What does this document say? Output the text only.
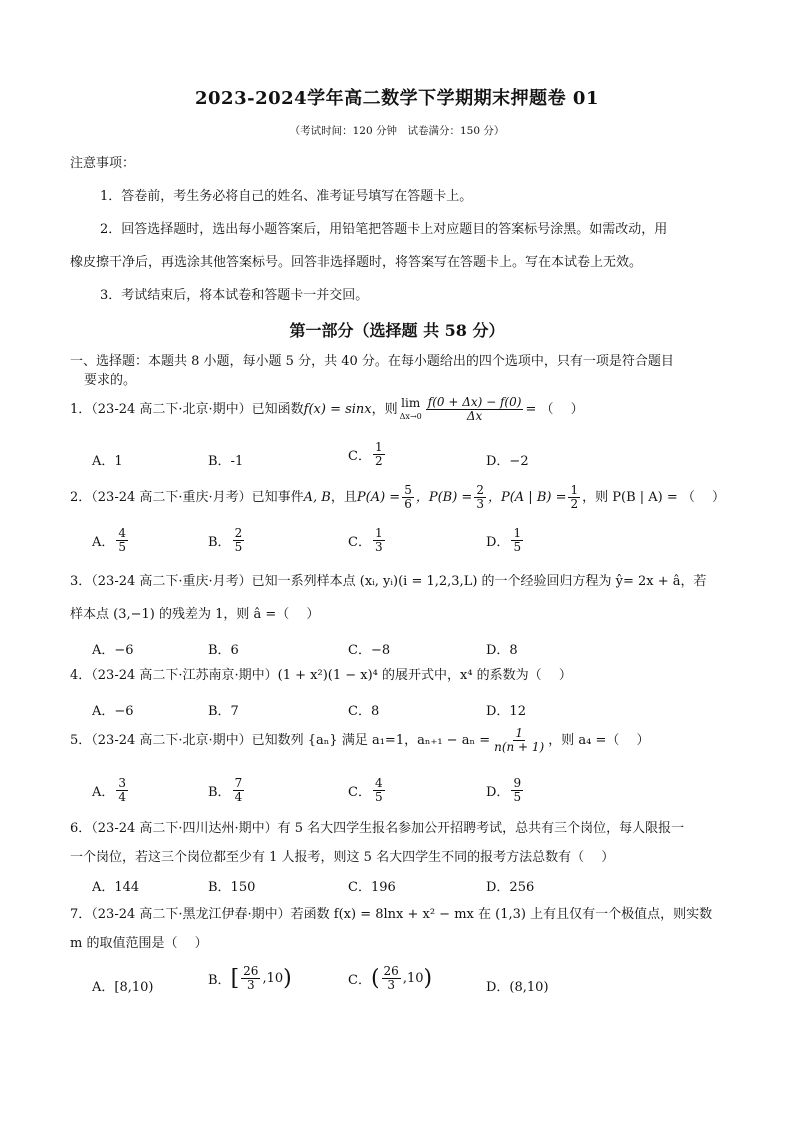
2023-2024学年高二数学下学期期末押题卷 01
（考试时间：120 分钟　试卷满分：150 分）
注意事项：
1．答卷前，考生务必将自己的姓名、准考证号填写在答题卡上。
2．回答选择题时，选出每小题答案后，用铅笔把答题卡上对应题目的答案标号涂黑。如需改动，用
橡皮擦干净后，再选涂其他答案标号。回答非选择题时，将答案写在答题卡上。写在本试卷上无效。
3．考试结束后，将本试卷和答题卡一并交回。
第一部分（选择题 共 58 分）
一、选择题：本题共 8 小题，每小题 5 分，共 40 分。在每小题给出的四个选项中，只有一项是符合题目
要求的。
1．（23-24 高二下·北京·期中）已知函数 f(x) = sinx ，则 lim
$\Delta x\to 0 \frac{f(0 + \Delta x) - f(0)}{\Delta x}$ = （　 ）
A．1	B．-1	C． $\frac{1}{2}$	D．−2
2．（23-24 高二下·重庆·月考）已知事件 A, B ，且 $P(A) = \frac{5}{6}$ ，$P(B) = \frac{2}{3}$ ，P(A | $B) = \frac{1}{2}$ ，则 P(B | A) = （　 ）
A． $\frac{4}{5}$	B． $\frac{2}{5}$	C． $\frac{1}{3}$	D． $\frac{1}{5}$
3．（23-24 高二下·重庆·月考）已知一系列样本点 (xᵢ, yᵢ)(i = 1,2,3,L) 的一个经验回归方程为 ŷ= 2x + â，若
样本点 (3,−1) 的残差为 1，则 â =（　 ）
A．−6	B．6	C．−8	D．8
4．（23-24 高二下·江苏南京·期中）(1 + x²)(1 − x)⁴ 的展开式中，x⁴ 的系数为（　 ）
A．−6	B．7	C．8	D．12
5．（23-24 高二下·北京·期中）已知数列 {aₙ} 满足 a₁=1，$a_{n+1} - a_n = \frac{1}{n(n + 1)}$ ，则 a₄ =（　 ）
A． $\frac{3}{4}$	B． $\frac{7}{4}$	C． $\frac{4}{5}$	D． $\frac{9}{5}$
6．（23-24 高二下·四川达州·期中）有 5 名大四学生报名参加公开招聘考试，总共有三个岗位，每人限报一
一个岗位，若这三个岗位都至少有 1 人报考，则这 5 名大四学生不同的报考方法总数有（　 ）
A．144	B．150	C．196	D．256
7．（23-24 高二下·黑龙江伊春·期中）若函数 f(x) = 8lnx + x² − mx 在 (1,3) 上有且仅有一个极值点，则实数
m 的取值范围是（　 ）
A．[8,10)	B． [ $\frac{26}{3} ,10$ )	C． ( $\frac{26}{3} ,10$ )	D．(8,10)
